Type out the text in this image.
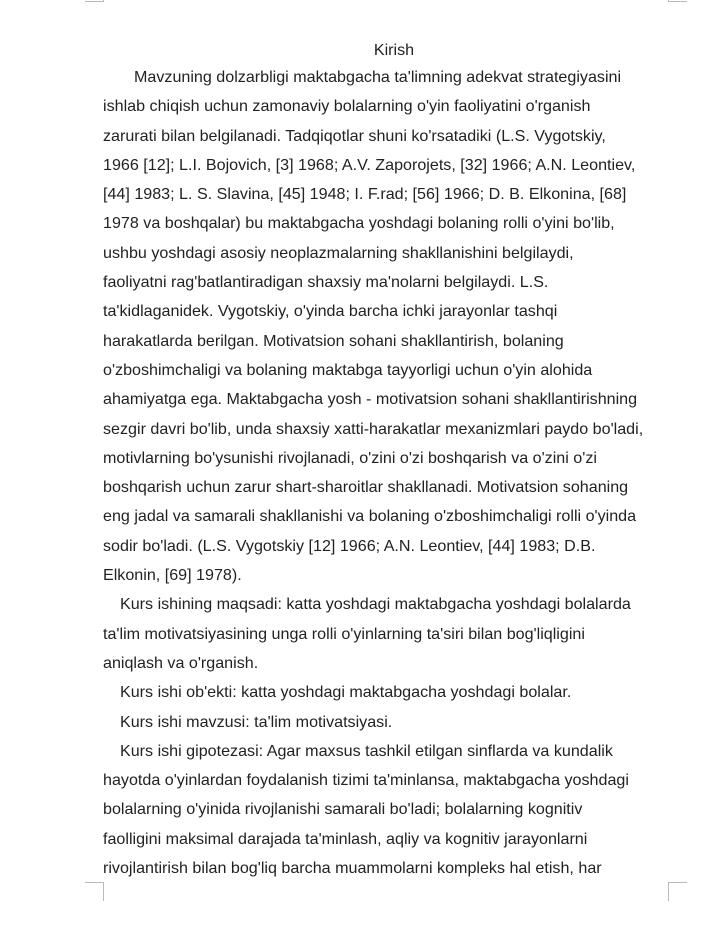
Kirish

Mavzuning dolzarbligi maktabgacha ta'limning adekvat strategiyasini

ishlab chiqish uchun zamonaviy bolalarning o'yin faoliyatini o'rganish

zarurati bilan belgilanadi. Tadqiqotlar shuni ko'rsatadiki (L.S. Vygotskiy,

1966 [12]; L.I. Bojovich, [3] 1968; A.V. Zaporojets, [32] 1966; A.N. Leontiev,

[44] 1983; L. S. Slavina, [45] 1948; I. F.rad; [56] 1966; D. B. Elkonina, [68]

1978 va boshqalar) bu maktabgacha yoshdagi bolaning rolli o'yini bo'lib,

ushbu yoshdagi asosiy neoplazmalarning shakllanishini belgilaydi,

faoliyatni rag'batlantiradigan shaxsiy ma'nolarni belgilaydi. L.S.

ta'kidlaganidek. Vygotskiy, o'yinda barcha ichki jarayonlar tashqi

harakatlarda berilgan. Motivatsion sohani shakllantirish, bolaning

o'zboshimchaligi va bolaning maktabga tayyorligi uchun o'yin alohida

ahamiyatga ega. Maktabgacha yosh - motivatsion sohani shakllantirishning

sezgir davri bo'lib, unda shaxsiy xatti-harakatlar mexanizmlari paydo bo'ladi,

motivlarning bo'ysunishi rivojlanadi, o'zini o'zi boshqarish va o'zini o'zi

boshqarish uchun zarur shart-sharoitlar shakllanadi. Motivatsion sohaning

eng jadal va samarali shakllanishi va bolaning o'zboshimchaligi rolli o'yinda

sodir bo'ladi. (L.S. Vygotskiy [12] 1966; A.N. Leontiev, [44] 1983; D.B.

Elkonin, [69] 1978).

Kurs ishining maqsadi: katta yoshdagi maktabgacha yoshdagi bolalarda

ta'lim motivatsiyasining unga rolli o'yinlarning ta'siri bilan bog'liqligini

aniqlash va o'rganish.

Kurs ishi ob'ekti: katta yoshdagi maktabgacha yoshdagi bolalar.

Kurs ishi mavzusi: ta'lim motivatsiyasi.

Kurs ishi gipotezasi: Agar maxsus tashkil etilgan sinflarda va kundalik

hayotda o'yinlardan foydalanish tizimi ta'minlansa, maktabgacha yoshdagi

bolalarning o'yinida rivojlanishi samarali bo'ladi; bolalarning kognitiv

faolligini maksimal darajada ta'minlash, aqliy va kognitiv jarayonlarni

rivojlantirish bilan bog'liq barcha muammolarni kompleks hal etish, har
